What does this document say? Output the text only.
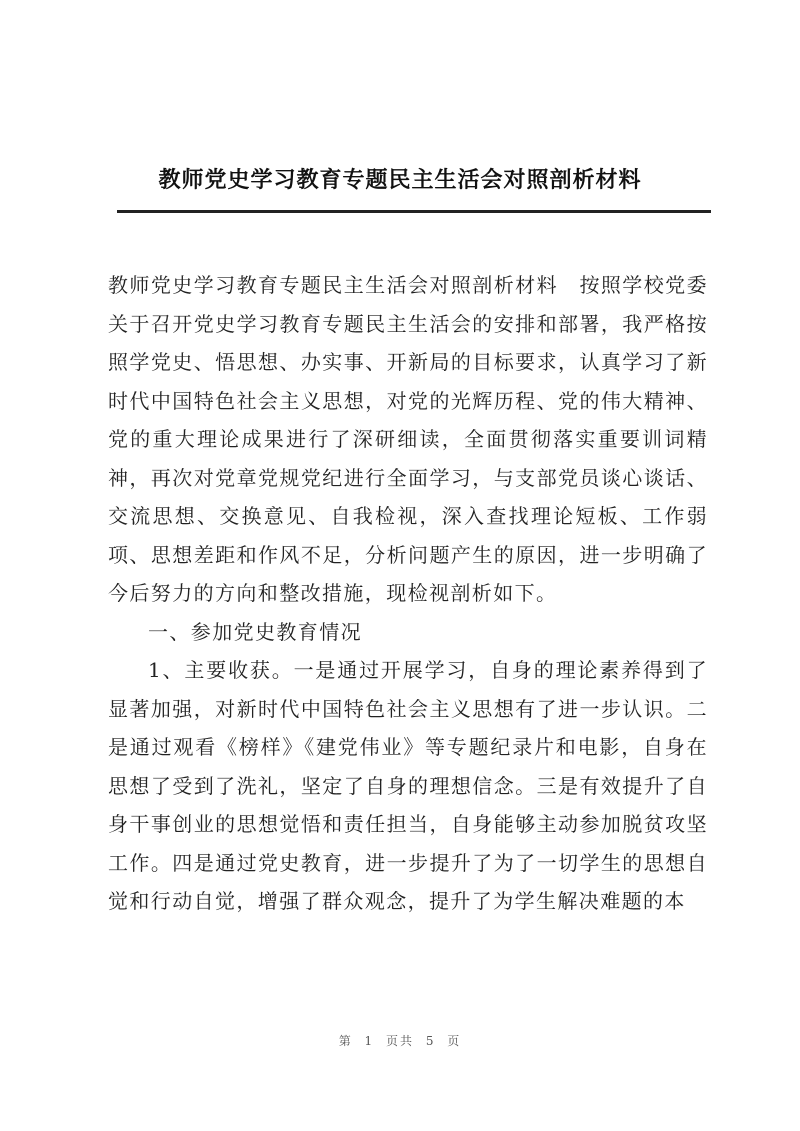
教师党史学习教育专题民主生活会对照剖析材料

教师党史学习教育专题民主生活会对照剖析材料　按照学校党委关于召开党史学习教育专题民主生活会的安排和部署，我严格按照学党史、悟思想、办实事、开新局的目标要求，认真学习了新时代中国特色社会主义思想，对党的光辉历程、党的伟大精神、党的重大理论成果进行了深研细读，全面贯彻落实重要训词精神，再次对党章党规党纪进行全面学习，与支部党员谈心谈话、交流思想、交换意见、自我检视，深入查找理论短板、工作弱项、思想差距和作风不足，分析问题产生的原因，进一步明确了今后努力的方向和整改措施，现检视剖析如下。

一、参加党史教育情况

1、主要收获。一是通过开展学习，自身的理论素养得到了显著加强，对新时代中国特色社会主义思想有了进一步认识。二是通过观看《榜样》《建党伟业》等专题纪录片和电影，自身在思想了受到了洗礼，坚定了自身的理想信念。三是有效提升了自身干事创业的思想觉悟和责任担当，自身能够主动参加脱贫攻坚工作。四是通过党史教育，进一步提升了为了一切学生的思想自觉和行动自觉，增强了群众观念，提升了为学生解决难题的本

第 1 页共 5 页
